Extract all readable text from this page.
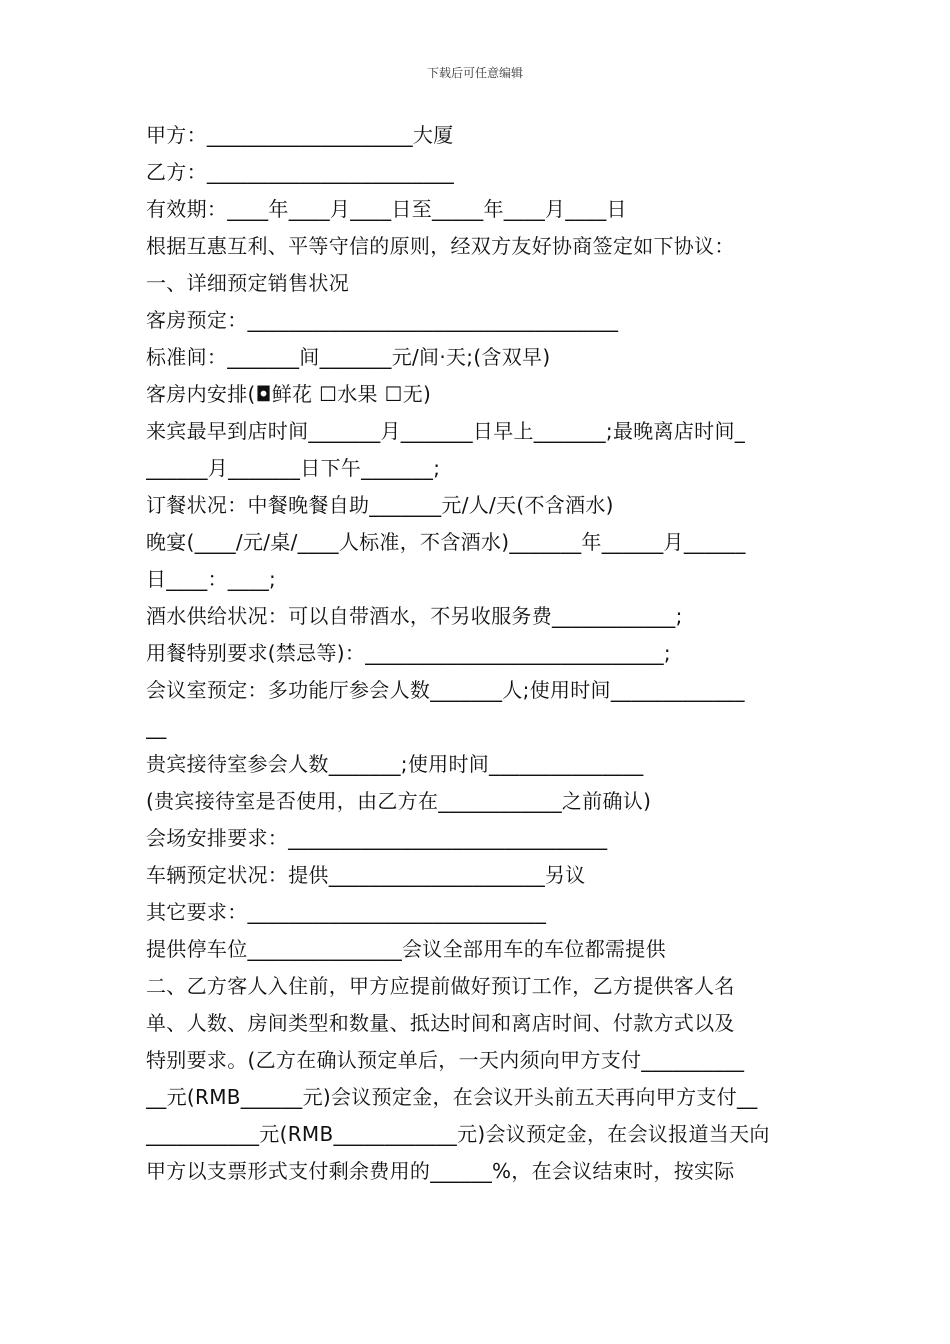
下载后可任意编辑
甲方：____________________大厦
乙方：________________________
有效期：____年____月____日至_____年____月____日
根据互惠互利、平等守信的原则，经双方友好协商签定如下协议：
一、详细预定销售状况
客房预定：____________________________________
标准间：_______间_______元/间·天;(含双早)
客房内安排(◘鲜花 ☐水果 ☐无)
来宾最早到店时间_______月_______日早上_______;最晚离店时间_
______月_______日下午_______;
订餐状况：中餐晚餐自助_______元/人/天(不含酒水)
晚宴(____/元/桌/____人标准，不含酒水)_______年______月______
日____：____;
酒水供给状况：可以自带酒水，不另收服务费____________;
用餐特别要求(禁忌等)：_____________________________;
会议室预定：多功能厅参会人数_______人;使用时间_____________
__
贵宾接待室参会人数_______;使用时间_______________
(贵宾接待室是否使用，由乙方在____________之前确认)
会场安排要求：_______________________________
车辆预定状况：提供_____________________另议
其它要求：_____________________________
提供停车位_______________会议全部用车的车位都需提供
二、乙方客人入住前，甲方应提前做好预订工作，乙方提供客人名
单、人数、房间类型和数量、抵达时间和离店时间、付款方式以及
特别要求。(乙方在确认预定单后，一天内须向甲方支付__________
__元(RMB______元)会议预定金，在会议开头前五天再向甲方支付__
___________元(RMB____________元)会议预定金，在会议报道当天向
甲方以支票形式支付剩余费用的______%，在会议结束时，按实际
